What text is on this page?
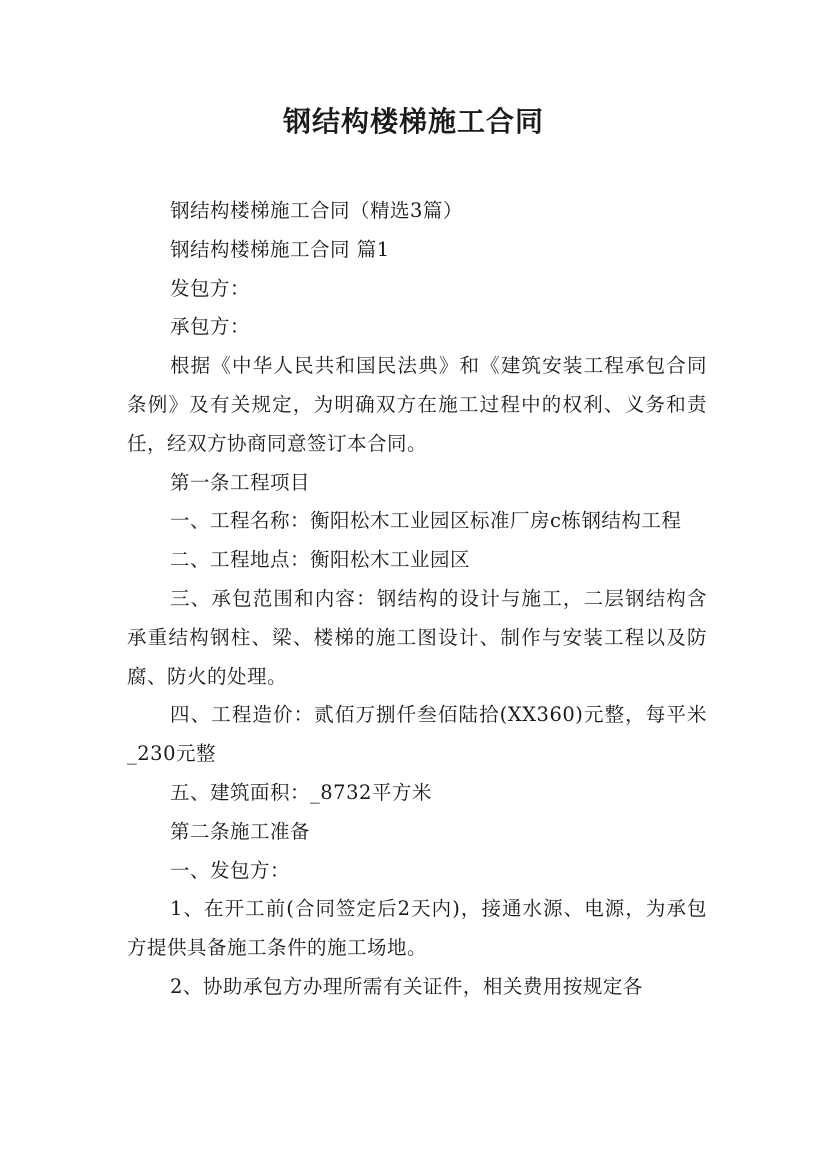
钢结构楼梯施工合同

钢结构楼梯施工合同（精选3篇）

钢结构楼梯施工合同 篇1

发包方：

承包方：

根据《中华人民共和国民法典》和《建筑安装工程承包合同条例》及有关规定，为明确双方在施工过程中的权利、义务和责任，经双方协商同意签订本合同。

第一条工程项目

一、工程名称：衡阳松木工业园区标准厂房c栋钢结构工程

二、工程地点：衡阳松木工业园区

三、承包范围和内容：钢结构的设计与施工，二层钢结构含承重结构钢柱、梁、楼梯的施工图设计、制作与安装工程以及防腐、防火的处理。

四、工程造价：贰佰万捌仟叁佰陆拾(XX360)元整，每平米_230元整

五、建筑面积：_8732平方米

第二条施工准备

一、发包方：

1、在开工前(合同签定后2天内)，接通水源、电源，为承包方提供具备施工条件的施工场地。

2、协助承包方办理所需有关证件，相关费用按规定各
